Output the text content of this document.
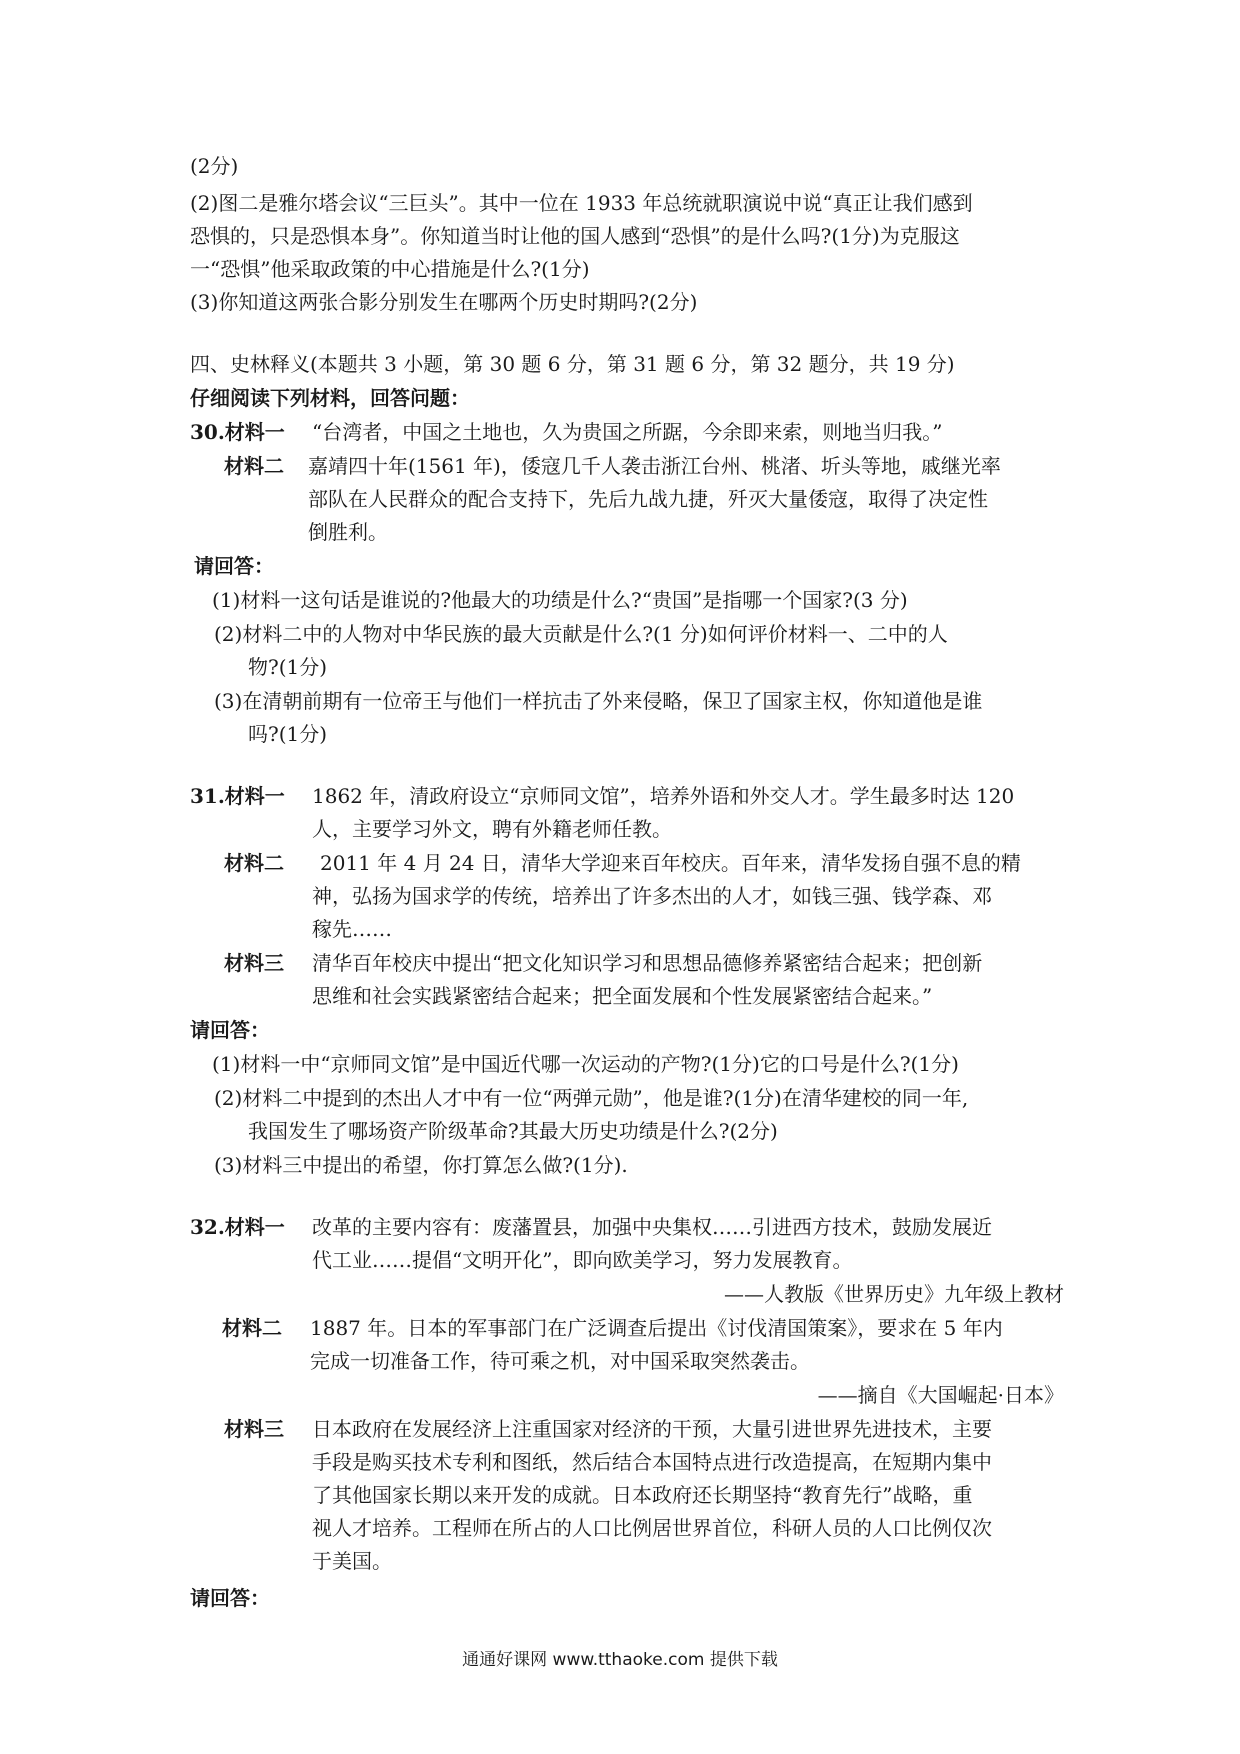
(2分)
(2)图二是雅尔塔会议“三巨头”。其中一位在 1933 年总统就职演说中说“真正让我们感到
恐惧的，只是恐惧本身”。你知道当时让他的国人感到“恐惧”的是什么吗?(1分)为克服这
一“恐惧”他采取政策的中心措施是什么?(1分)
(3)你知道这两张合影分别发生在哪两个历史时期吗?(2分)
四、史林释义(本题共 3 小题，第 30 题 6 分，第 31 题 6 分，第 32 题分，共 19 分)
仔细阅读下列材料，回答问题：
30.材料一 “台湾者，中国之土地也，久为贵国之所踞，今余即来索，则地当归我。”
材料二 嘉靖四十年(1561 年)，倭寇几千人袭击浙江台州、桃渚、圻头等地，戚继光率
部队在人民群众的配合支持下，先后九战九捷，歼灭大量倭寇，取得了决定性
倒胜利。
请回答：
(1)材料一这句话是谁说的?他最大的功绩是什么?“贵国”是指哪一个国家?(3 分)
(2)材料二中的人物对中华民族的最大贡献是什么?(1 分)如何评价材料一、二中的人
物?(1分)
(3)在清朝前期有一位帝王与他们一样抗击了外来侵略，保卫了国家主权，你知道他是谁
吗?(1分)
31.材料一 1862 年，清政府设立“京师同文馆”，培养外语和外交人才。学生最多时达 120
人，主要学习外文，聘有外籍老师任教。
材料二 2011 年 4 月 24 日，清华大学迎来百年校庆。百年来，清华发扬自强不息的精
神，弘扬为国求学的传统，培养出了许多杰出的人才，如钱三强、钱学森、邓
稼先……
材料三 清华百年校庆中提出“把文化知识学习和思想品德修养紧密结合起来；把创新
思维和社会实践紧密结合起来；把全面发展和个性发展紧密结合起来。”
请回答：
(1)材料一中“京师同文馆”是中国近代哪一次运动的产物?(1分)它的口号是什么?(1分)
(2)材料二中提到的杰出人才中有一位“两弹元勋”，他是谁?(1分)在清华建校的同一年,
我国发生了哪场资产阶级革命?其最大历史功绩是什么?(2分)
(3)材料三中提出的希望，你打算怎么做?(1分).
32.材料一 改革的主要内容有：废藩置县，加强中央集权……引进西方技术，鼓励发展近
代工业……提倡“文明开化”，即向欧美学习，努力发展教育。
——人教版《世界历史》九年级上教材
材料二 1887 年。日本的军事部门在广泛调查后提出《讨伐清国策案》，要求在 5 年内
完成一切准备工作，待可乘之机，对中国采取突然袭击。
——摘自《大国崛起·日本》
材料三 日本政府在发展经济上注重国家对经济的干预，大量引进世界先进技术，主要
手段是购买技术专利和图纸，然后结合本国特点进行改造提高，在短期内集中
了其他国家长期以来开发的成就。日本政府还长期坚持“教育先行”战略，重
视人才培养。工程师在所占的人口比例居世界首位，科研人员的人口比例仅次
于美国。
请回答：
通通好课网 www.tthaoke.com 提供下载
